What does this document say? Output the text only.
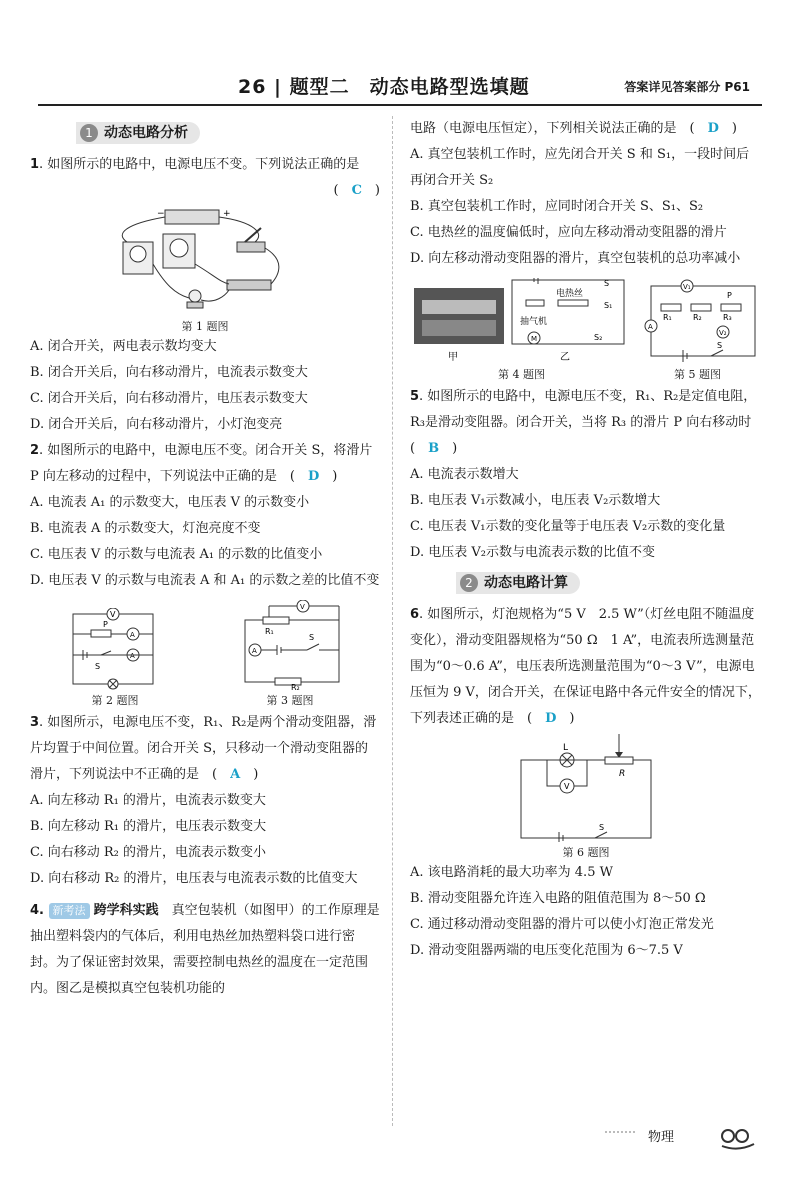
26 | 题型二　动态电路型选填题	答案详见答案部分 P61
1 动态电路分析

1. 如图所示的电路中，电源电压不变。下列说法正确的是

(　C　)

−	+
第 1 题图

A. 闭合开关，两电表示数均变大

B. 闭合开关后，向右移动滑片，电流表示数变大

C. 闭合开关后，向右移动滑片，电压表示数变大

D. 闭合开关后，向右移动滑片，小灯泡变亮

2. 如图所示的电路中，电源电压不变。闭合开关 S，将滑片 P 向左移动的过程中，下列说法中正确的是　(　D　)

A. 电流表 A₁ 的示数变大，电压表 V 的示数变小

B. 电流表 A 的示数变大，灯泡亮度不变

C. 电压表 V 的示数与电流表 A₁ 的示数的比值变小

D. 电压表 V 的示数与电流表 A 和 A₁ 的示数之差的比值不变

V
P
A
A
S
第 2 题图
V
R₁
A
S
R₂
第 3 题图

3. 如图所示，电源电压不变，R₁、R₂是两个滑动变阻器，滑片均置于中间位置。闭合开关 S，只移动一个滑动变阻器的滑片，下列说法中不正确的是　(　A　)

A. 向左移动 R₁ 的滑片，电流表示数变大

B. 向左移动 R₁ 的滑片，电压表示数变大

C. 向右移动 R₂ 的滑片，电流表示数变小

D. 向右移动 R₂ 的滑片，电压表与电流表示数的比值变大

4. 新考法 跨学科实践　真空包装机（如图甲）的工作原理是抽出塑料袋内的气体后，利用电热丝加热塑料袋口进行密封。为了保证密封效果，需要控制电热丝的温度在一定范围内。图乙是模拟真空包装机功能的

电路（电源电压恒定），下列相关说法正确的是　(　D　)

A. 真空包装机工作时，应先闭合开关 S 和 S₁，一段时间后再闭合开关 S₂

B. 真空包装机工作时，应同时闭合开关 S、S₁、S₂

C. 电热丝的温度偏低时，应向左移动滑动变阻器的滑片

D. 向左移动滑动变阻器的滑片，真空包装机的总功率减小

甲
电热丝
S₁
S
抽气机
M	S₂
乙
第 4 题图
V₁
R₁	R₂	R₃
P
A
V₂
S
第 5 题图

5. 如图所示的电路中，电源电压不变，R₁、R₂是定值电阻，R₃是滑动变阻器。闭合开关，当将 R₃ 的滑片 P 向右移动时　(　B　)

A. 电流表示数增大

B. 电压表 V₁示数减小，电压表 V₂示数增大

C. 电压表 V₁示数的变化量等于电压表 V₂示数的变化量

D. 电压表 V₂示数与电流表示数的比值不变

2 动态电路计算

6. 如图所示，灯泡规格为“5 V　2.5 W”（灯丝电阻不随温度变化），滑动变阻器规格为“50 Ω　1 A”，电流表所选测量范围为“0～0.6 A”，电压表所选测量范围为“0～3 V”，电源电压恒为 9 V，闭合开关，在保证电路中各元件安全的情况下，下列表述正确的是　(　D　)

L
R
V
S
第 6 题图

A. 该电路消耗的最大功率为 4.5 W

B. 滑动变阻器允许连入电路的阻值范围为 8～50 Ω

C. 通过移动滑动变阻器的滑片可以使小灯泡正常发光

D. 滑动变阻器两端的电压变化范围为 6～7.5 V

物理
